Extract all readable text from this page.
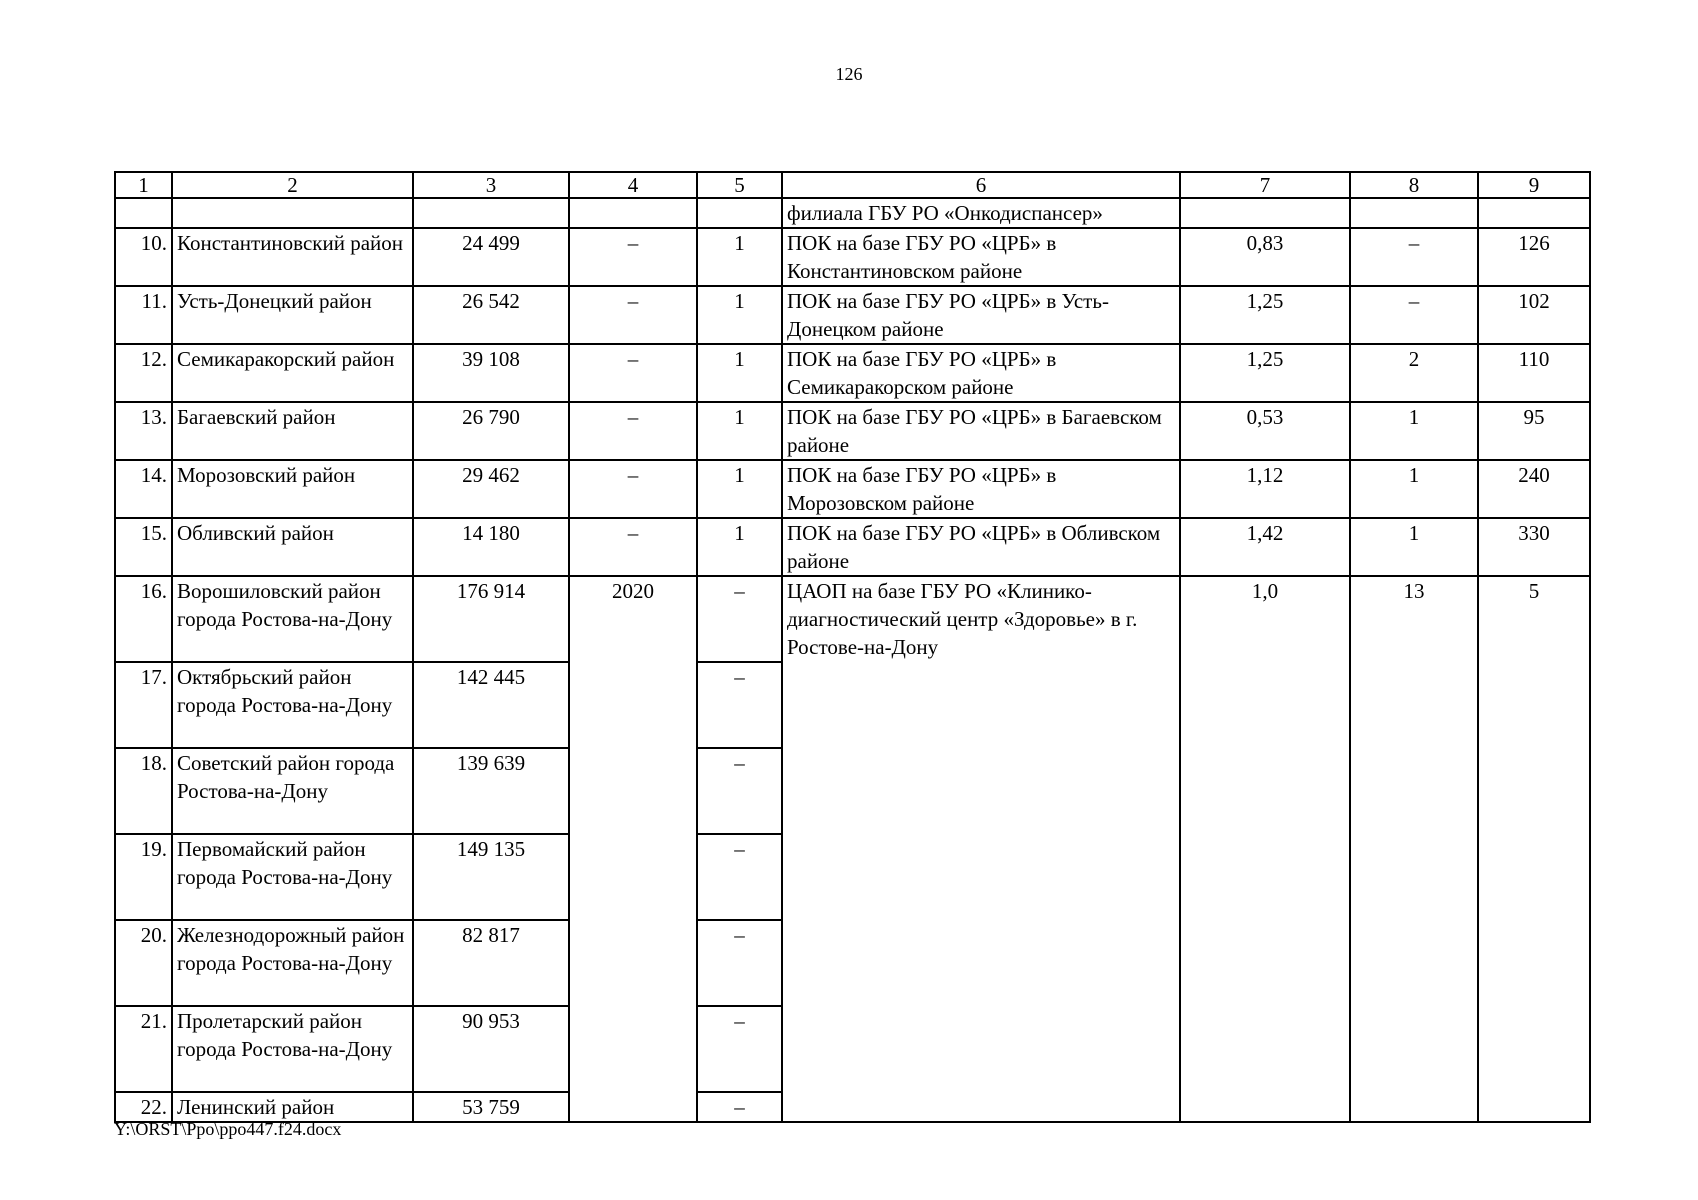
126
1	2	3	4	5	6	7	8	9
					филиала ГБУ РО «Онкодиспансер»			
10.	Константиновский район	24 499	–	1	ПОК на базе ГБУ РО «ЦРБ» в Константиновском районе	0,83	–	126
11.	Усть-Донецкий район	26 542	–	1	ПОК на базе ГБУ РО «ЦРБ» в Усть-Донецком районе	1,25	–	102
12.	Семикаракорский район	39 108	–	1	ПОК на базе ГБУ РО «ЦРБ» в Семикаракорском районе	1,25	2	110
13.	Багаевский район	26 790	–	1	ПОК на базе ГБУ РО «ЦРБ» в Багаевском районе	0,53	1	95
14.	Морозовский район	29 462	–	1	ПОК на базе ГБУ РО «ЦРБ» в Морозовском районе	1,12	1	240
15.	Обливский район	14 180	–	1	ПОК на базе ГБУ РО «ЦРБ» в Обливском районе	1,42	1	330
16.	Ворошиловский район города Ростова-на-Дону	176 914	2020	–	ЦАОП на базе ГБУ РО «Клинико-диагностический центр «Здоровье» в г. Ростове-на-Дону	1,0	13	5
17.	Октябрьский район города Ростова-на-Дону	142 445		–				
18.	Советский район города Ростова-на-Дону	139 639		–				
19.	Первомайский район города Ростова-на-Дону	149 135		–				
20.	Железнодорожный район города Ростова-на-Дону	82 817		–				
21.	Пролетарский район города Ростова-на-Дону	90 953		–				
22.	Ленинский район	53 759		–				
Y:\ORST\Ppo\ppo447.f24.docx
